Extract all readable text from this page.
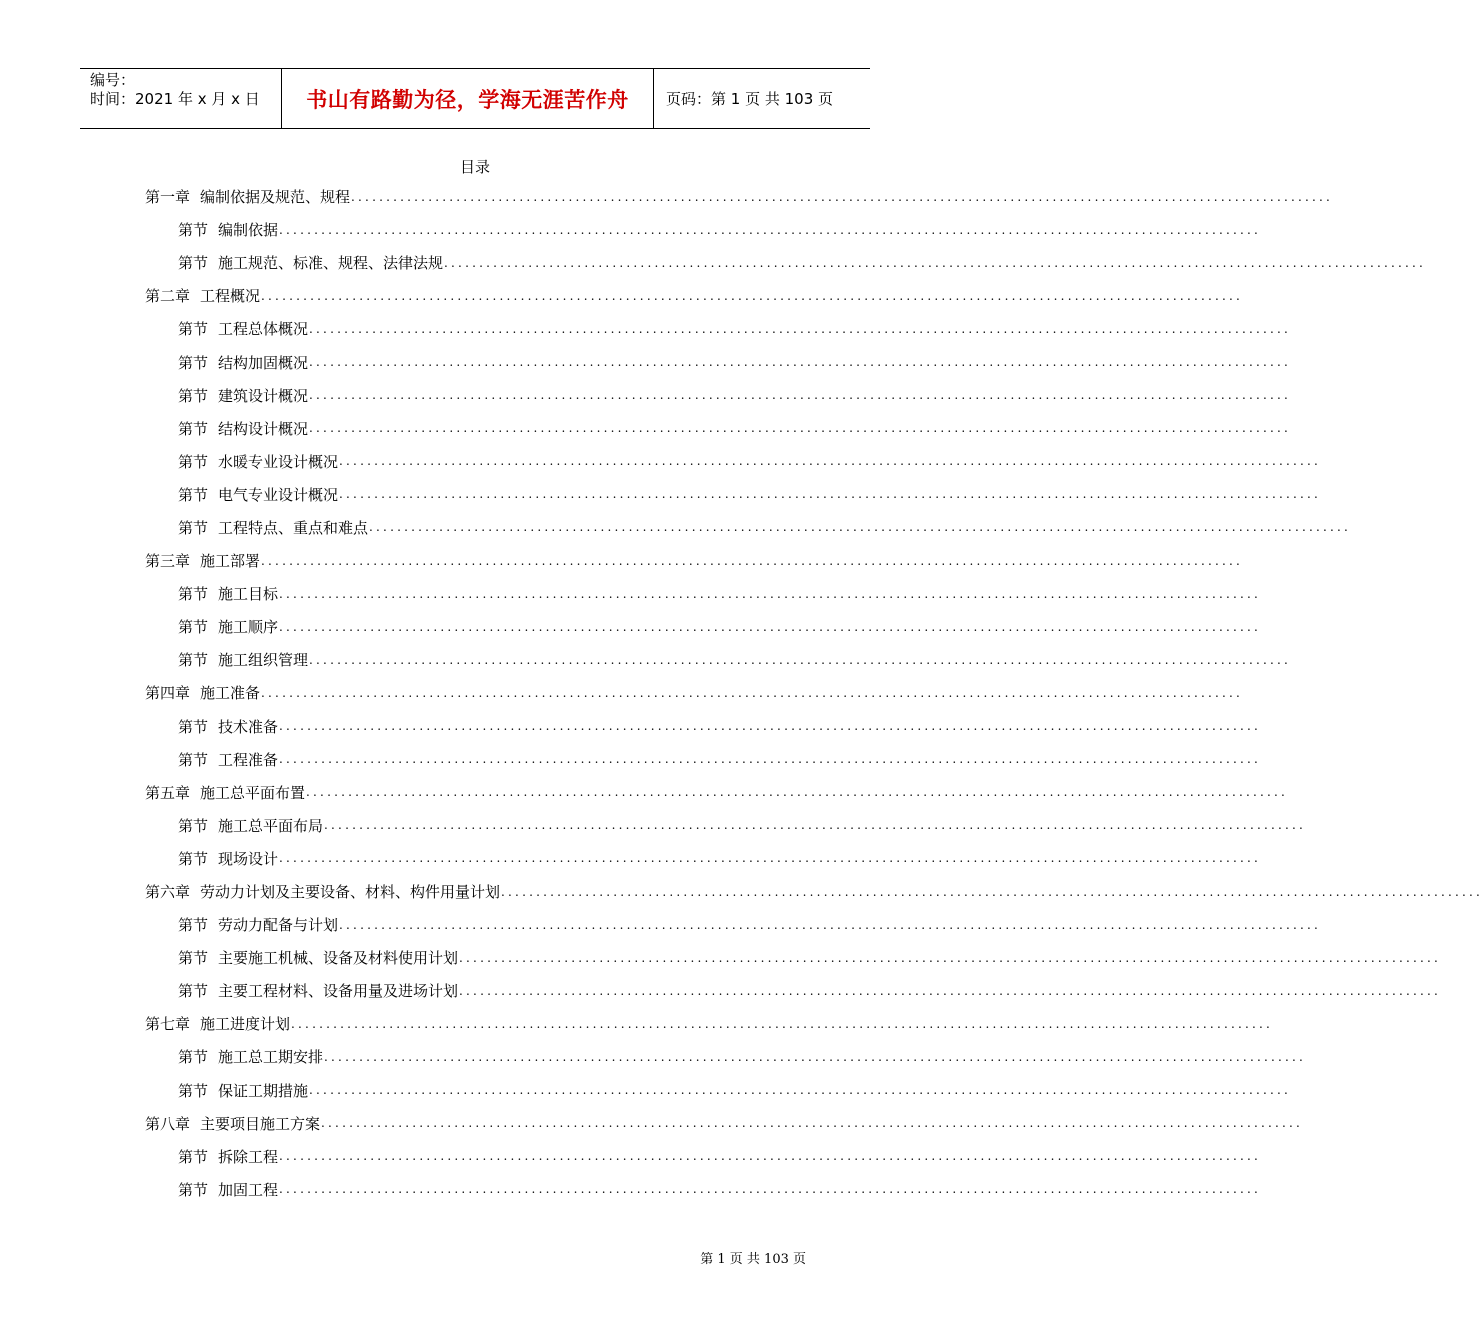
编号：
时间：2021 年 x 月 x 日	书山有路勤为径，学海无涯苦作舟 页码：第 1 页 共 103 页
目录
第一章 编制依据及规范、规程 ............................................................................................................................................
第节 编制依据 ............................................................................................................................................
第节 施工规范、标准、规程、法律法规 ............................................................................................................................................
第二章 工程概况 ............................................................................................................................................
第节 工程总体概况 ............................................................................................................................................
第节 结构加固概况 ............................................................................................................................................
第节 建筑设计概况 ............................................................................................................................................
第节 结构设计概况 ............................................................................................................................................
第节 水暖专业设计概况 ............................................................................................................................................
第节 电气专业设计概况 ............................................................................................................................................
第节 工程特点、重点和难点 ............................................................................................................................................
第三章 施工部署 ............................................................................................................................................
第节 施工目标 ............................................................................................................................................
第节 施工顺序 ............................................................................................................................................
第节 施工组织管理 ............................................................................................................................................
第四章 施工准备 ............................................................................................................................................
第节 技术准备 ............................................................................................................................................
第节 工程准备 ............................................................................................................................................
第五章 施工总平面布置 ............................................................................................................................................
第节 施工总平面布局 ............................................................................................................................................
第节 现场设计 ............................................................................................................................................
第六章 劳动力计划及主要设备、材料、构件用量计划 ............................................................................................................................................
第节 劳动力配备与计划 ............................................................................................................................................
第节 主要施工机械、设备及材料使用计划 ............................................................................................................................................
第节 主要工程材料、设备用量及进场计划 ............................................................................................................................................
第七章 施工进度计划 ............................................................................................................................................
第节 施工总工期安排 ............................................................................................................................................
第节 保证工期措施 ............................................................................................................................................
第八章 主要项目施工方案 ............................................................................................................................................
第节 拆除工程 ............................................................................................................................................
第节 加固工程 ............................................................................................................................................
第 1 页 共 103 页
